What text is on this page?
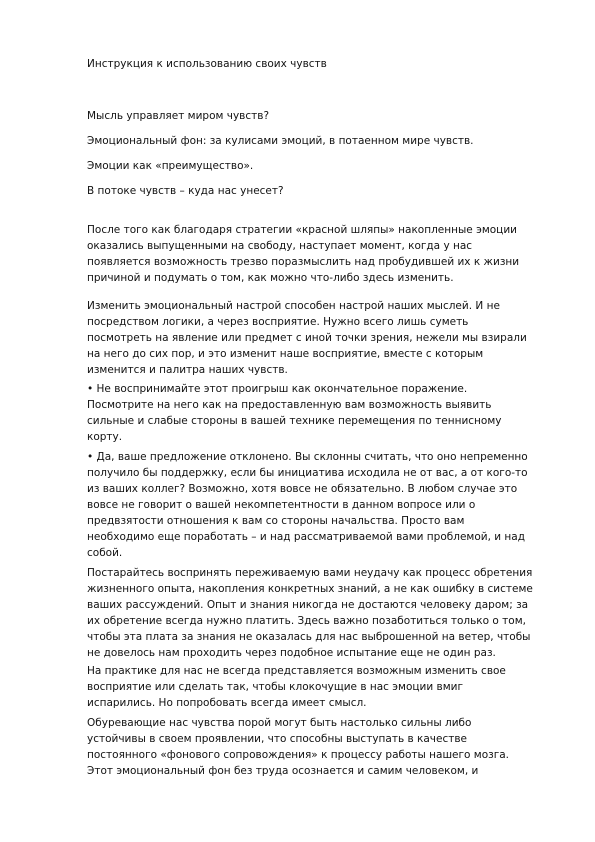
Инструкция к использованию своих чувств
Мысль управляет миром чувств?
Эмоциональный фон: за кулисами эмоций, в потаенном мире чувств.
Эмоции как «преимущество».
В потоке чувств – куда нас унесет?
После того как благодаря стратегии «красной шляпы» накопленные эмоции
оказались выпущенными на свободу, наступает момент, когда у нас
появляется возможность трезво поразмыслить над пробудившей их к жизни
причиной и подумать о том, как можно что-либо здесь изменить.
Изменить эмоциональный настрой способен настрой наших мыслей. И не
посредством логики, а через восприятие. Нужно всего лишь суметь
посмотреть на явление или предмет с иной точки зрения, нежели мы взирали
на него до сих пор, и это изменит наше восприятие, вместе с которым
изменится и палитра наших чувств.
• Не воспринимайте этот проигрыш как окончательное поражение.
Посмотрите на него как на предоставленную вам возможность выявить
сильные и слабые стороны в вашей технике перемещения по теннисному
корту.
• Да, ваше предложение отклонено. Вы склонны считать, что оно непременно
получило бы поддержку, если бы инициатива исходила не от вас, а от кого-то
из ваших коллег? Возможно, хотя вовсе не обязательно. В любом случае это
вовсе не говорит о вашей некомпетентности в данном вопросе или о
предвзятости отношения к вам со стороны начальства. Просто вам
необходимо еще поработать – и над рассматриваемой вами проблемой, и над
собой.
Постарайтесь воспринять переживаемую вами неудачу как процесс обретения
жизненного опыта, накопления конкретных знаний, а не как ошибку в системе
ваших рассуждений. Опыт и знания никогда не достаются человеку даром; за
их обретение всегда нужно платить. Здесь важно позаботиться только о том,
чтобы эта плата за знания не оказалась для нас выброшенной на ветер, чтобы
не довелось нам проходить через подобное испытание еще не один раз.
На практике для нас не всегда представляется возможным изменить свое
восприятие или сделать так, чтобы клокочущие в нас эмоции вмиг
испарились. Но попробовать всегда имеет смысл.
Обуревающие нас чувства порой могут быть настолько сильны либо
устойчивы в своем проявлении, что способны выступать в качестве
постоянного «фонового сопровождения» к процессу работы нашего мозга.
Этот эмоциональный фон без труда осознается и самим человеком, и
